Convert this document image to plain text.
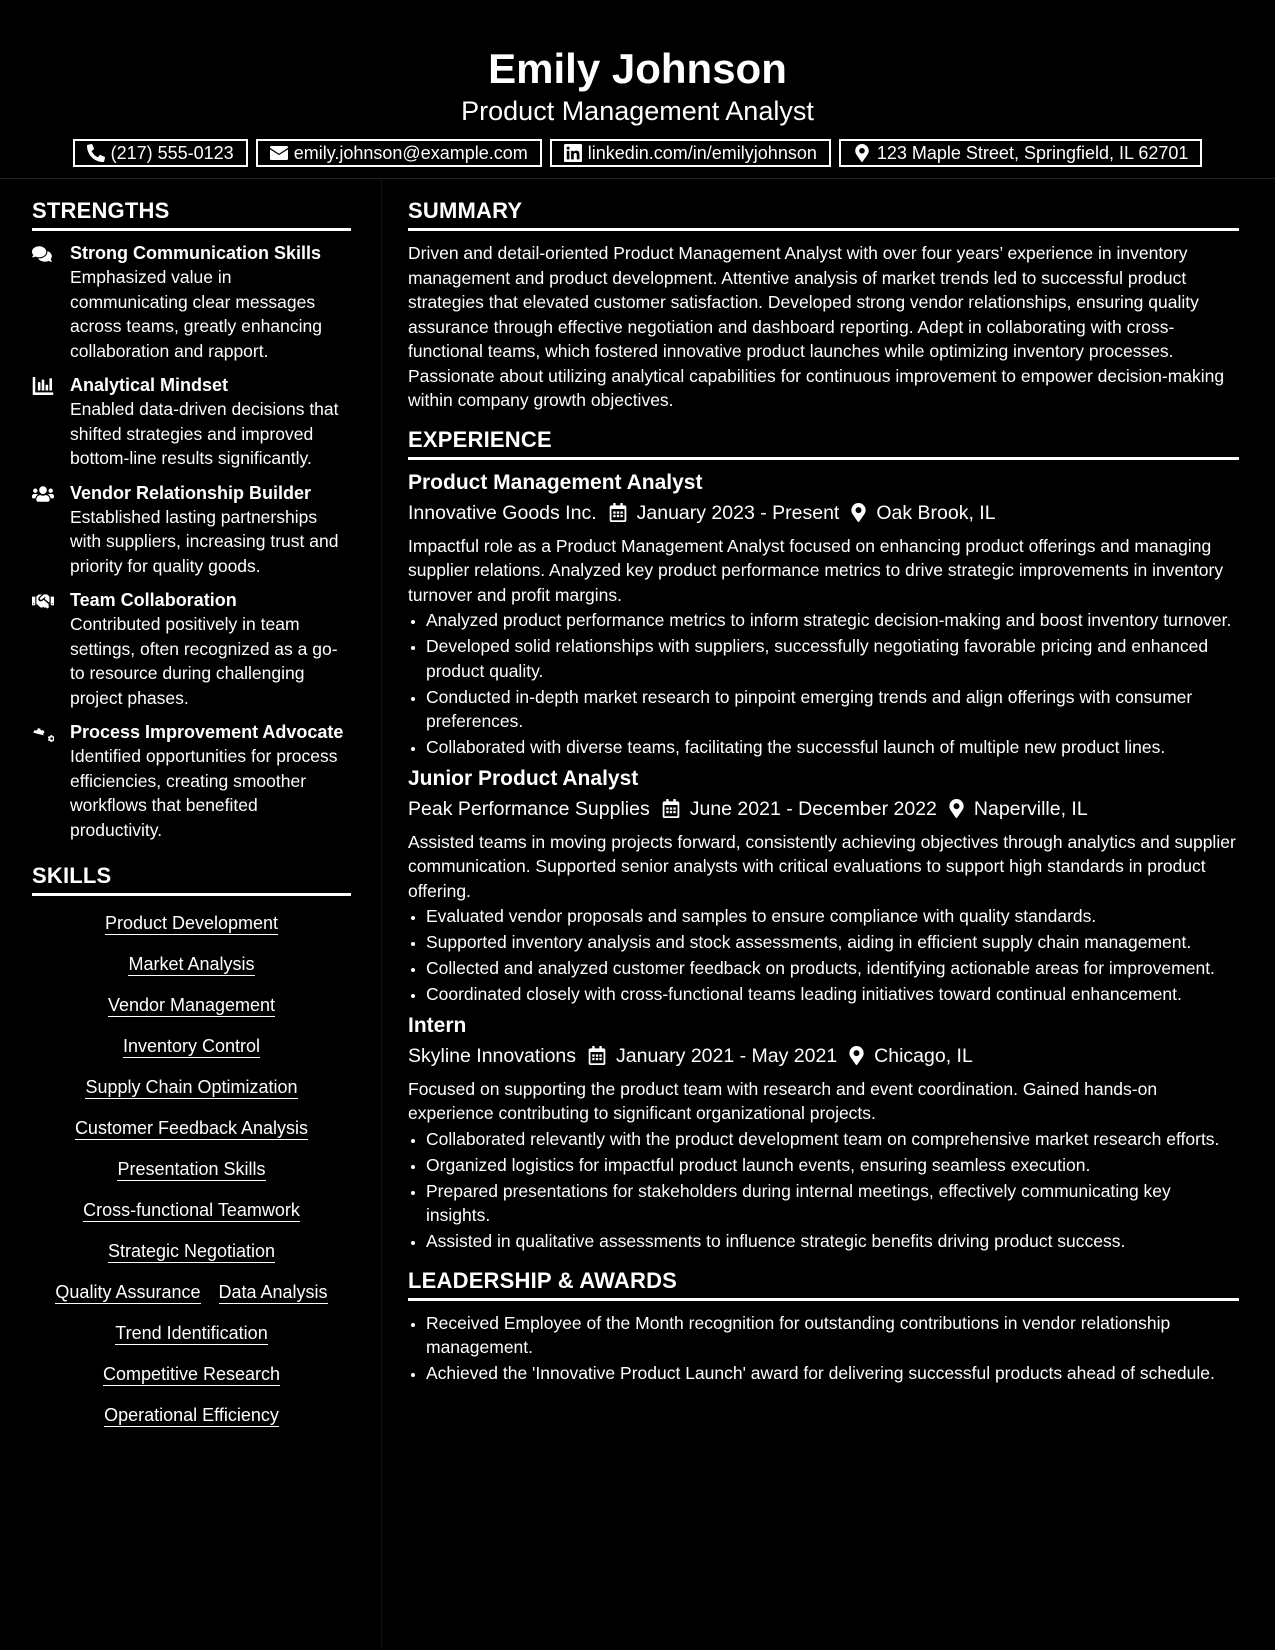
Emily Johnson
Product Management Analyst
(217) 555-0123	emily.johnson@example.com	linkedin.com/in/emilyjohnson	123 Maple Street, Springfield, IL 62701
STRENGTHS
Strong Communication Skills
Emphasized value in communicating clear messages across teams, greatly enhancing collaboration and rapport.
Analytical Mindset
Enabled data-driven decisions that shifted strategies and improved bottom-line results significantly.
Vendor Relationship Builder
Established lasting partnerships with suppliers, increasing trust and priority for quality goods.
Team Collaboration
Contributed positively in team settings, often recognized as a go-to resource during challenging project phases.
Process Improvement Advocate
Identified opportunities for process efficiencies, creating smoother workflows that benefited productivity.
SKILLS
Product Development
Market Analysis
Vendor Management
Inventory Control
Supply Chain Optimization
Customer Feedback Analysis
Presentation Skills
Cross-functional Teamwork
Strategic Negotiation
Quality Assurance Data Analysis
Trend Identification
Competitive Research
Operational Efficiency
SUMMARY

Driven and detail-oriented Product Management Analyst with over four years’ experience in inventory management and product development. Attentive analysis of market trends led to successful product strategies that elevated customer satisfaction. Developed strong vendor relationships, ensuring quality assurance through effective negotiation and dashboard reporting. Adept in collaborating with cross-functional teams, which fostered innovative product launches while optimizing inventory processes. Passionate about utilizing analytical capabilities for continuous improvement to empower decision-making within company growth objectives.

EXPERIENCE
Product Management Analyst
Innovative Goods Inc. January 2023 - Present Oak Brook, IL
Impactful role as a Product Management Analyst focused on enhancing product offerings and managing supplier relations. Analyzed key product performance metrics to drive strategic improvements in inventory turnover and profit margins.
• Analyzed product performance metrics to inform strategic decision-making and boost inventory turnover.
• Developed solid relationships with suppliers, successfully negotiating favorable pricing and enhanced product quality.
• Conducted in-depth market research to pinpoint emerging trends and align offerings with consumer preferences.
• Collaborated with diverse teams, facilitating the successful launch of multiple new product lines.
Junior Product Analyst
Peak Performance Supplies June 2021 - December 2022 Naperville, IL
Assisted teams in moving projects forward, consistently achieving objectives through analytics and supplier communication. Supported senior analysts with critical evaluations to support high standards in product offering.
• Evaluated vendor proposals and samples to ensure compliance with quality standards.
• Supported inventory analysis and stock assessments, aiding in efficient supply chain management.
• Collected and analyzed customer feedback on products, identifying actionable areas for improvement.
• Coordinated closely with cross-functional teams leading initiatives toward continual enhancement.
Intern
Skyline Innovations January 2021 - May 2021 Chicago, IL
Focused on supporting the product team with research and event coordination. Gained hands-on experience contributing to significant organizational projects.
• Collaborated relevantly with the product development team on comprehensive market research efforts.
• Organized logistics for impactful product launch events, ensuring seamless execution.
• Prepared presentations for stakeholders during internal meetings, effectively communicating key insights.
• Assisted in qualitative assessments to influence strategic benefits driving product success.
LEADERSHIP & AWARDS
• Received Employee of the Month recognition for outstanding contributions in vendor relationship management.
• Achieved the 'Innovative Product Launch' award for delivering successful products ahead of schedule.
